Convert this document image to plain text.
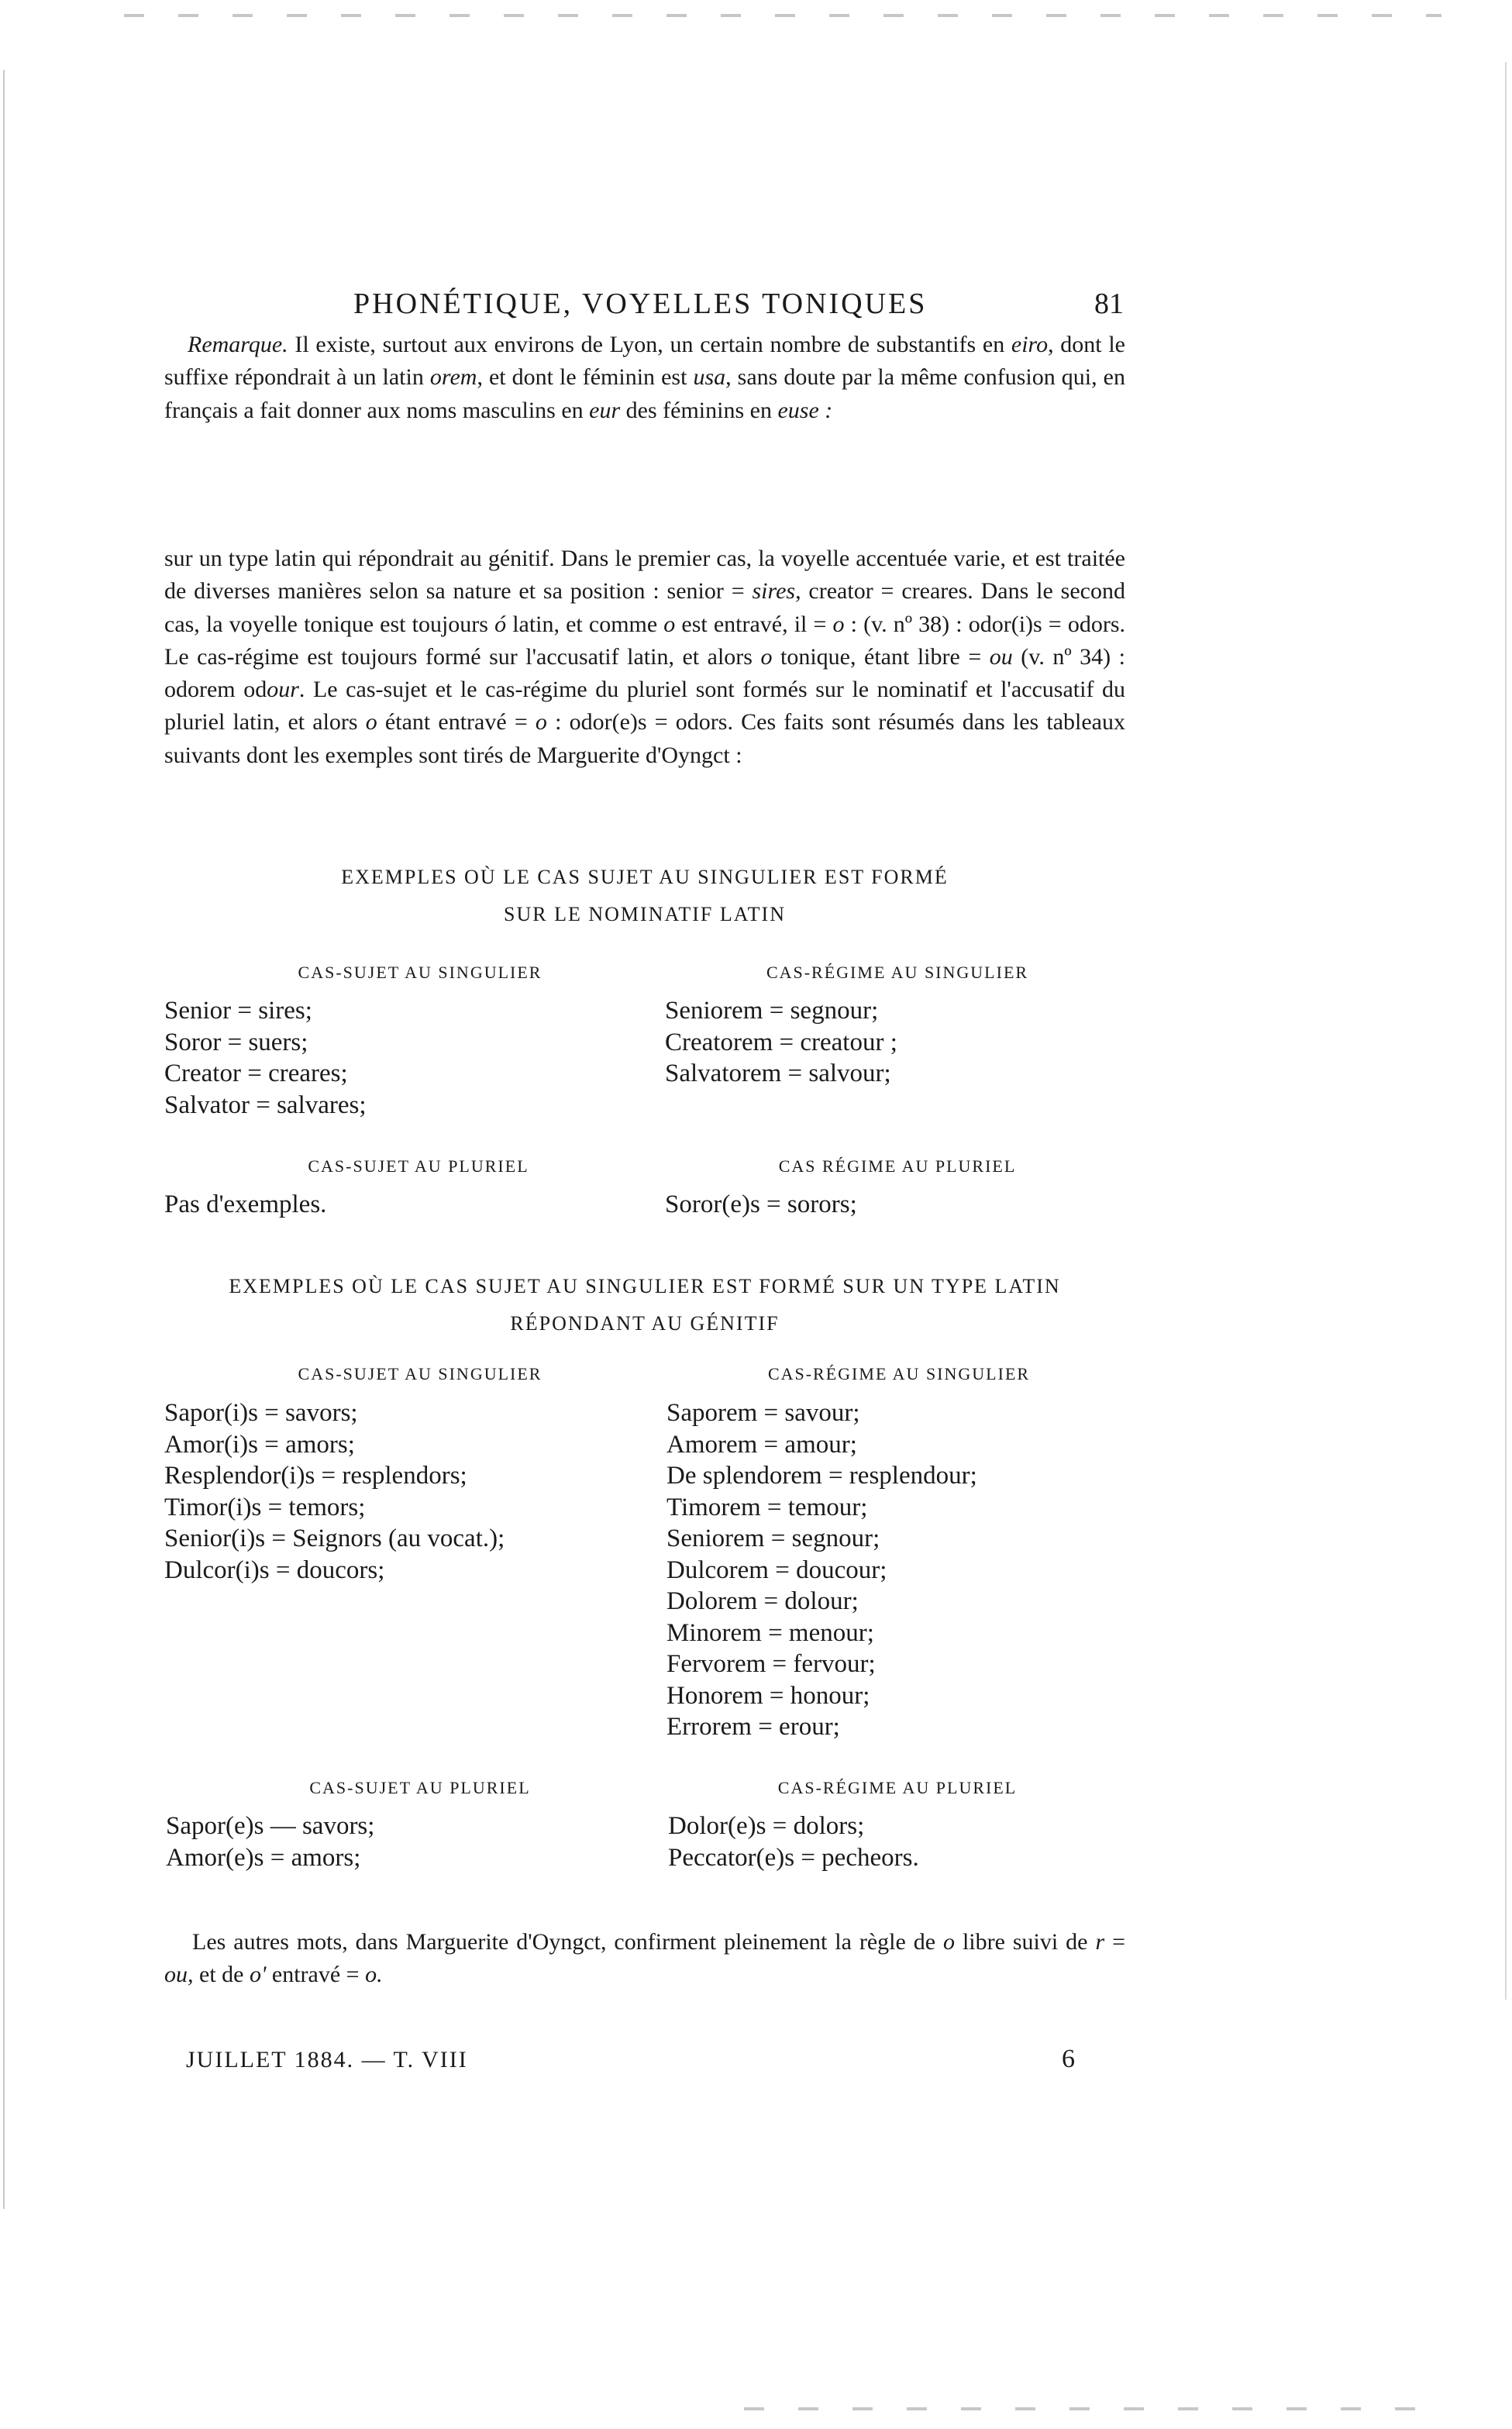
PHONÉTIQUE, VOYELLES TONIQUES	81

Remarque. Il existe, surtout aux environs de Lyon, un certain nombre de substantifs en eiro, dont le suffixe répondrait à un latin orem, et dont le féminin est usa, sans doute par la même confusion qui, en français a fait donner aux noms masculins en eur des féminins en euse :

sur un type latin qui répondrait au génitif. Dans le premier cas, la voyelle accentuée varie, et est traitée de diverses manières selon sa nature et sa position : senior = sires, creator = creares. Dans le second cas, la voyelle tonique est toujours ó latin, et comme o est entravé, il = o : (v. nº 38) : odor(i)s = odors. Le cas-régime est toujours formé sur l'accusatif latin, et alors o tonique, étant libre = ou (v. nº 34) : odorem odour. Le cas-sujet et le cas-régime du pluriel sont formés sur le nominatif et l'accusatif du pluriel latin, et alors o étant entravé = o : odor(e)s = odors. Ces faits sont résumés dans les tableaux suivants dont les exemples sont tirés de Marguerite d'Oyngct :

EXEMPLES OÙ LE CAS SUJET AU SINGULIER EST FORMÉ
SUR LE NOMINATIF LATIN
CAS-SUJET AU SINGULIER
Senior = sires;
Soror = suers;
Creator = creares;
Salvator = salvares;
CAS-RÉGIME AU SINGULIER
Seniorem = segnour;
Creatorem = creatour ;
Salvatorem = salvour;
CAS-SUJET AU PLURIEL
Pas d'exemples.
CAS RÉGIME AU PLURIEL
Soror(e)s = sorors;
EXEMPLES OÙ LE CAS SUJET AU SINGULIER EST FORMÉ SUR UN TYPE LATIN
RÉPONDANT AU GÉNITIF
CAS-SUJET AU SINGULIER
Sapor(i)s = savors;
Amor(i)s = amors;
Resplendor(i)s = resplendors;
Timor(i)s = temors;
Senior(i)s = Seignors (au vocat.);
Dulcor(i)s = doucors;
CAS-RÉGIME AU SINGULIER
Saporem = savour;
Amorem = amour;
De splendorem = resplendour;
Timorem = temour;
Seniorem = segnour;
Dulcorem = doucour;
Dolorem = dolour;
Minorem = menour;
Fervorem = fervour;
Honorem = honour;
Errorem = erour;
CAS-SUJET AU PLURIEL
Sapor(e)s — savors;
Amor(e)s = amors;
CAS-RÉGIME AU PLURIEL
Dolor(e)s = dolors;
Peccator(e)s = pecheors.

Les autres mots, dans Marguerite d'Oyngct, confirment pleinement la règle de o libre suivi de r = ou, et de o' entravé = o.

JUILLET 1884. — T. VIII	6
